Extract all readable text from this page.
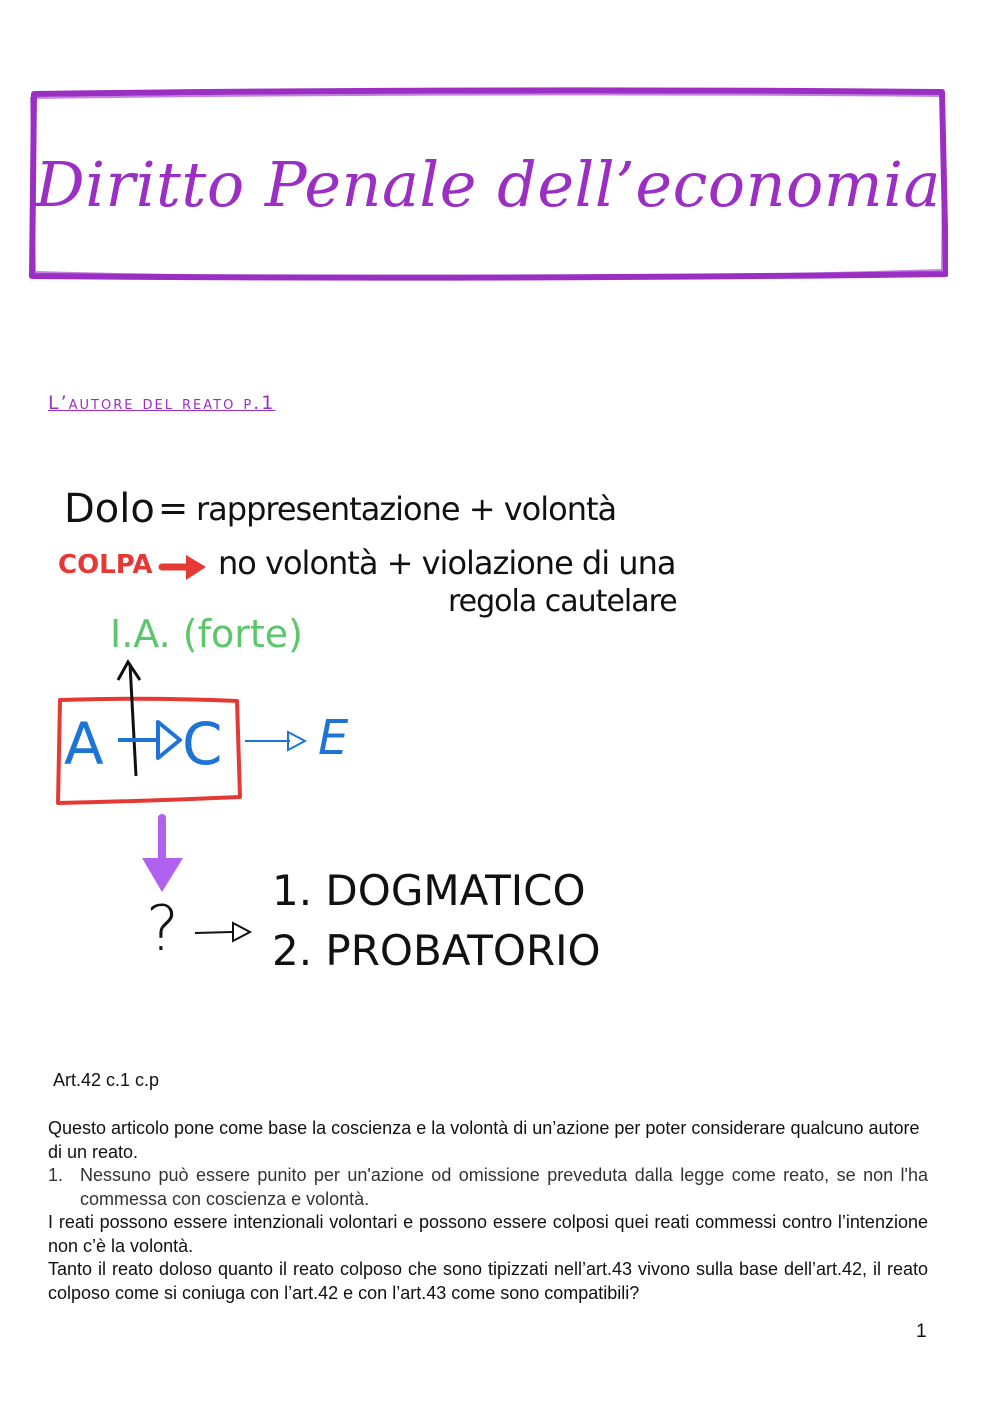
Diritto Penale dell’economia
L’autore del reato p.1
Dolo = rappresentazione + volontà
COLPA no volontà + violazione di una
regola cautelare
I.A. (forte)
A C E
?
1. DOGMATICO
2. PROBATORIO
Art.42 c.1 c.p
Questo articolo pone come base la coscienza e la volontà di un’azione per poter considerare qualcuno autore di un reato.
1. Nessuno può essere punito per un'azione od omissione preveduta dalla legge come reato, se non l'ha commessa con coscienza e volontà.
I reati possono essere intenzionali volontari e possono essere colposi quei reati commessi contro l’intenzione non c’è la volontà.
Tanto il reato doloso quanto il reato colposo che sono tipizzati nell’art.43 vivono sulla base dell’art.42, il reato colposo come si coniuga con l’art.42 e con l’art.43 come sono compatibili?
1
